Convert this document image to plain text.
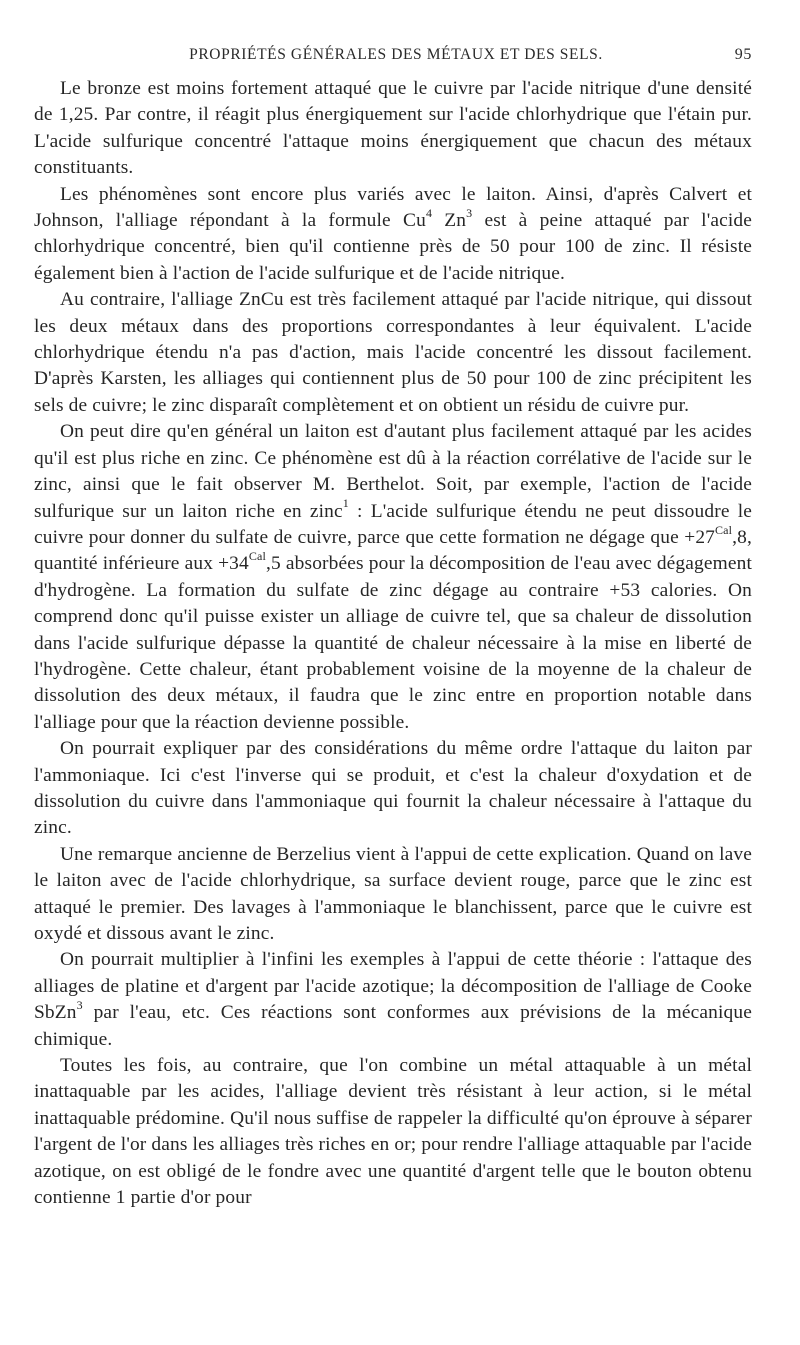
PROPRIÉTÉS GÉNÉRALES DES MÉTAUX ET DES SELS.	95

Le bronze est moins fortement attaqué que le cuivre par l'acide nitrique d'une densité de 1,25. Par contre, il réagit plus énergiquement sur l'acide chlorhydrique que l'étain pur. L'acide sulfurique concentré l'attaque moins énergiquement que chacun des métaux constituants.

Les phénomènes sont encore plus variés avec le laiton. Ainsi, d'après Calvert et Johnson, l'alliage répondant à la formule Cu$^4$ Zn$^3$ est à peine attaqué par l'acide chlorhydrique concentré, bien qu'il contienne près de 50 pour 100 de zinc. Il résiste également bien à l'action de l'acide sulfurique et de l'acide nitrique.

Au contraire, l'alliage ZnCu est très facilement attaqué par l'acide nitrique, qui dissout les deux métaux dans des proportions correspondantes à leur équivalent. L'acide chlorhydrique étendu n'a pas d'action, mais l'acide concentré les dissout facilement. D'après Karsten, les alliages qui contiennent plus de 50 pour 100 de zinc précipitent les sels de cuivre; le zinc disparaît complètement et on obtient un résidu de cuivre pur.

On peut dire qu'en général un laiton est d'autant plus facilement attaqué par les acides qu'il est plus riche en zinc. Ce phénomène est dû à la réaction corrélative de l'acide sur le zinc, ainsi que le fait observer M. Berthelot. Soit, par exemple, l'action de l'acide sulfurique sur un laiton riche en zinc$^1$ : L'acide sulfurique étendu ne peut dissoudre le cuivre pour donner du sulfate de cuivre, parce que cette formation ne dégage que $+27^{Cal},8$, quantité inférieure aux $+34^{Cal},5$ absorbées pour la décomposition de l'eau avec dégagement d'hydrogène. La formation du sulfate de zinc dégage au contraire +53 calories. On comprend donc qu'il puisse exister un alliage de cuivre tel, que sa chaleur de dissolution dans l'acide sulfurique dépasse la quantité de chaleur nécessaire à la mise en liberté de l'hydrogène. Cette chaleur, étant probablement voisine de la moyenne de la chaleur de dissolution des deux métaux, il faudra que le zinc entre en proportion notable dans l'alliage pour que la réaction devienne possible.

On pourrait expliquer par des considérations du même ordre l'attaque du laiton par l'ammoniaque. Ici c'est l'inverse qui se produit, et c'est la chaleur d'oxydation et de dissolution du cuivre dans l'ammoniaque qui fournit la chaleur nécessaire à l'attaque du zinc.

Une remarque ancienne de Berzelius vient à l'appui de cette explication. Quand on lave le laiton avec de l'acide chlorhydrique, sa surface devient rouge, parce que le zinc est attaqué le premier. Des lavages à l'ammoniaque le blanchissent, parce que le cuivre est oxydé et dissous avant le zinc.

On pourrait multiplier à l'infini les exemples à l'appui de cette théorie : l'attaque des alliages de platine et d'argent par l'acide azotique; la décomposition de l'alliage de Cooke SbZn$^3$ par l'eau, etc. Ces réactions sont conformes aux prévisions de la mécanique chimique.

Toutes les fois, au contraire, que l'on combine un métal attaquable à un métal inattaquable par les acides, l'alliage devient très résistant à leur action, si le métal inattaquable prédomine. Qu'il nous suffise de rappeler la difficulté qu'on éprouve à séparer l'argent de l'or dans les alliages très riches en or; pour rendre l'alliage attaquable par l'acide azotique, on est obligé de le fondre avec une quantité d'argent telle que le bouton obtenu contienne 1 partie d'or pour
